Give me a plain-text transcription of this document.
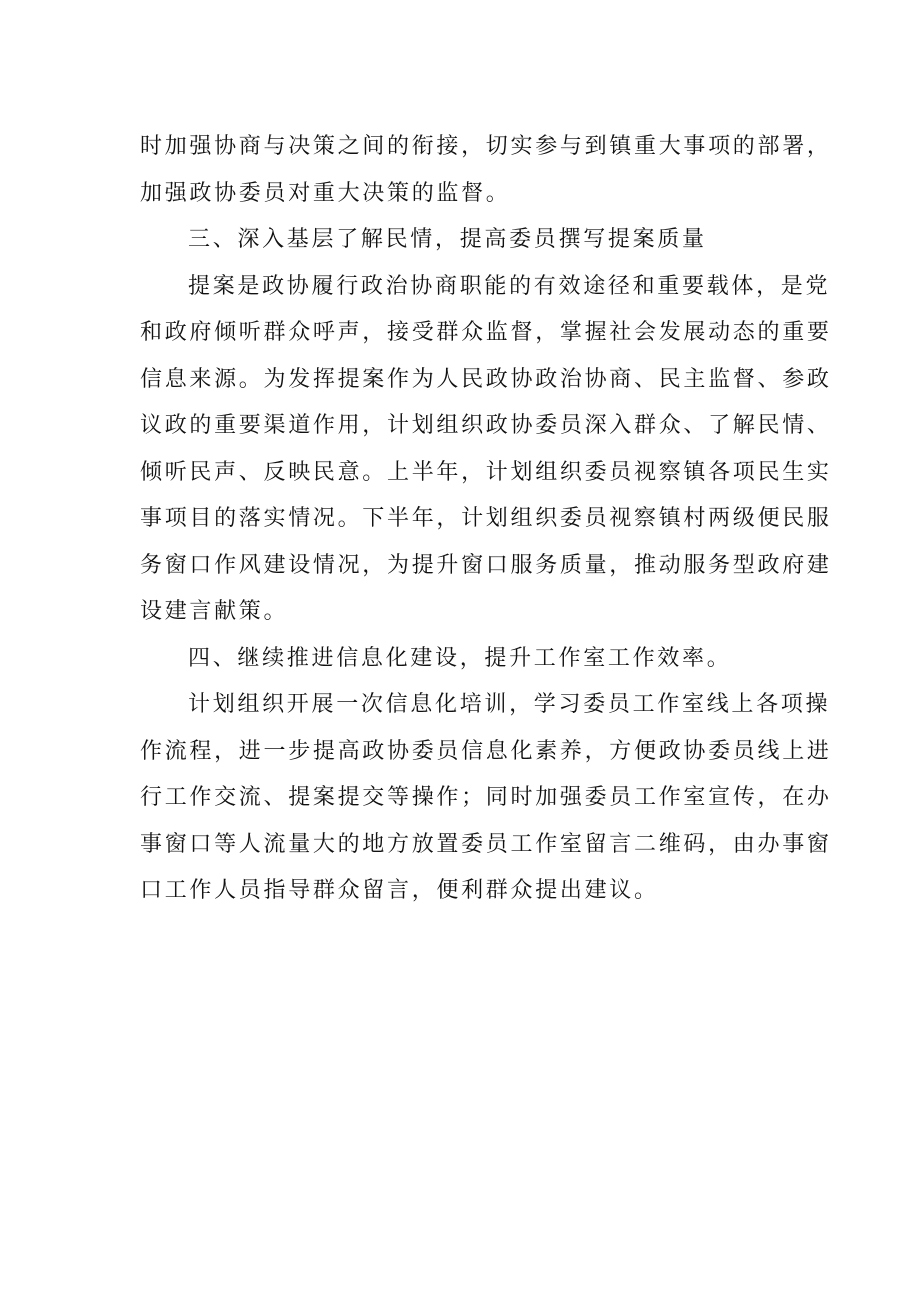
时加强协商与决策之间的衔接，切实参与到镇重大事项的部署，
加强政协委员对重大决策的监督。
三、深入基层了解民情，提高委员撰写提案质量
提案是政协履行政治协商职能的有效途径和重要载体，是党
和政府倾听群众呼声，接受群众监督，掌握社会发展动态的重要
信息来源。为发挥提案作为人民政协政治协商、民主监督、参政
议政的重要渠道作用，计划组织政协委员深入群众、了解民情、
倾听民声、反映民意。上半年，计划组织委员视察镇各项民生实
事项目的落实情况。下半年，计划组织委员视察镇村两级便民服
务窗口作风建设情况，为提升窗口服务质量，推动服务型政府建
设建言献策。
四、继续推进信息化建设，提升工作室工作效率。
计划组织开展一次信息化培训，学习委员工作室线上各项操
作流程，进一步提高政协委员信息化素养，方便政协委员线上进
行工作交流、提案提交等操作；同时加强委员工作室宣传，在办
事窗口等人流量大的地方放置委员工作室留言二维码，由办事窗
口工作人员指导群众留言，便利群众提出建议。
